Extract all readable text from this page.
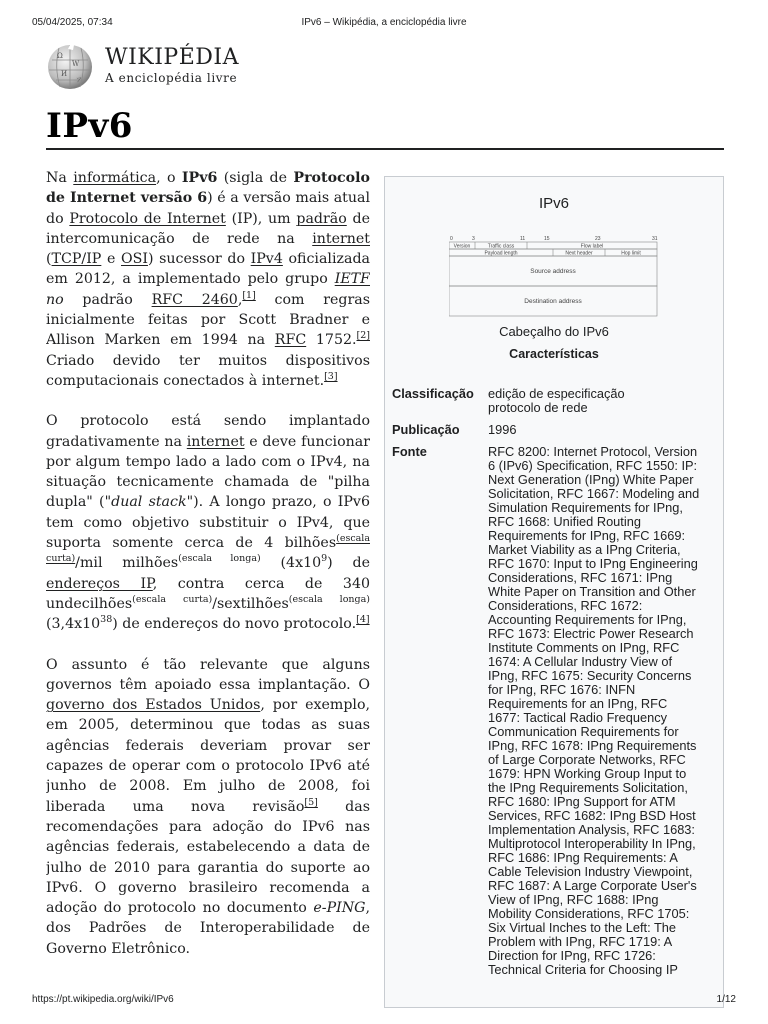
05/04/2025, 07:34	IPv6 – Wikipédia, a enciclopédia livre
Ω
W
И
ア
WIKIPÉDIA
A enciclopédia livre
IPv6

Na informática, o IPv6 (sigla de Protocolo de Internet versão 6) é a versão mais atual do Protocolo de Internet (IP), um padrão de intercomunicação de rede na internet (TCP/IP e OSI) sucessor do IPv4 oficializada em 2012, a implementado pelo grupo IETF no padrão RFC 2460,[1] com regras inicialmente feitas por Scott Bradner e Allison Marken em 1994 na RFC 1752.[2] Criado devido ter muitos dispositivos computacionais conectados à internet.[3]

O protocolo está sendo implantado gradativamente na internet e deve funcionar por algum tempo lado a lado com o IPv4, na situação tecnicamente chamada de "pilha dupla" ("dual stack"). A longo prazo, o IPv6 tem como objetivo substituir o IPv4, que suporta somente cerca de 4 bilhões$^{(escala curta)}$/mil milhões$^{(escala longa)}$ $(4x10^9)$ de endereços IP, contra cerca de 340 undecilhões$^{(escala curta)}$/sextilhões$^{(escala longa)}$ $(3,4x10^{38})$ de endereços do novo protocolo.[4]

O assunto é tão relevante que alguns governos têm apoiado essa implantação. O governo dos Estados Unidos, por exemplo, em 2005, determinou que todas as suas agências federais deveriam provar ser capazes de operar com o protocolo IPv6 até junho de 2008. Em julho de 2008, foi liberada uma nova revisão[5] das recomendações para adoção do IPv6 nas agências federais, estabelecendo a data de julho de 2010 para garantia do suporte ao IPv6. O governo brasileiro recomenda a adoção do protocolo no documento e-PING, dos Padrões de Interoperabilidade de Governo Eletrônico.

IPv6
0	3	11	15	23	31
Version	Traffic class	Flow label
Payload length	Next header	Hop limit
Source address
Destination address
Cabeçalho do IPv6
Características
Classificação	edição de especificação
protocolo de rede
Publicação	1996
Fonte	RFC 8200: Internet Protocol, Version
6 (IPv6) Specification, RFC 1550: IP:
Next Generation (IPng) White Paper
Solicitation, RFC 1667: Modeling and
Simulation Requirements for IPng,
RFC 1668: Unified Routing
Requirements for IPng, RFC 1669:
Market Viability as a IPng Criteria,
RFC 1670: Input to IPng Engineering
Considerations, RFC 1671: IPng
White Paper on Transition and Other
Considerations, RFC 1672:
Accounting Requirements for IPng,
RFC 1673: Electric Power Research
Institute Comments on IPng, RFC
1674: A Cellular Industry View of
IPng, RFC 1675: Security Concerns
for IPng, RFC 1676: INFN
Requirements for an IPng, RFC
1677: Tactical Radio Frequency
Communication Requirements for
IPng, RFC 1678: IPng Requirements
of Large Corporate Networks, RFC
1679: HPN Working Group Input to
the IPng Requirements Solicitation,
RFC 1680: IPng Support for ATM
Services, RFC 1682: IPng BSD Host
Implementation Analysis, RFC 1683:
Multiprotocol Interoperability In IPng,
RFC 1686: IPng Requirements: A
Cable Television Industry Viewpoint,
RFC 1687: A Large Corporate User's
View of IPng, RFC 1688: IPng
Mobility Considerations, RFC 1705:
Six Virtual Inches to the Left: The
Problem with IPng, RFC 1719: A
Direction for IPng, RFC 1726:
Technical Criteria for Choosing IP
https://pt.wikipedia.org/wiki/IPv6	1/12
